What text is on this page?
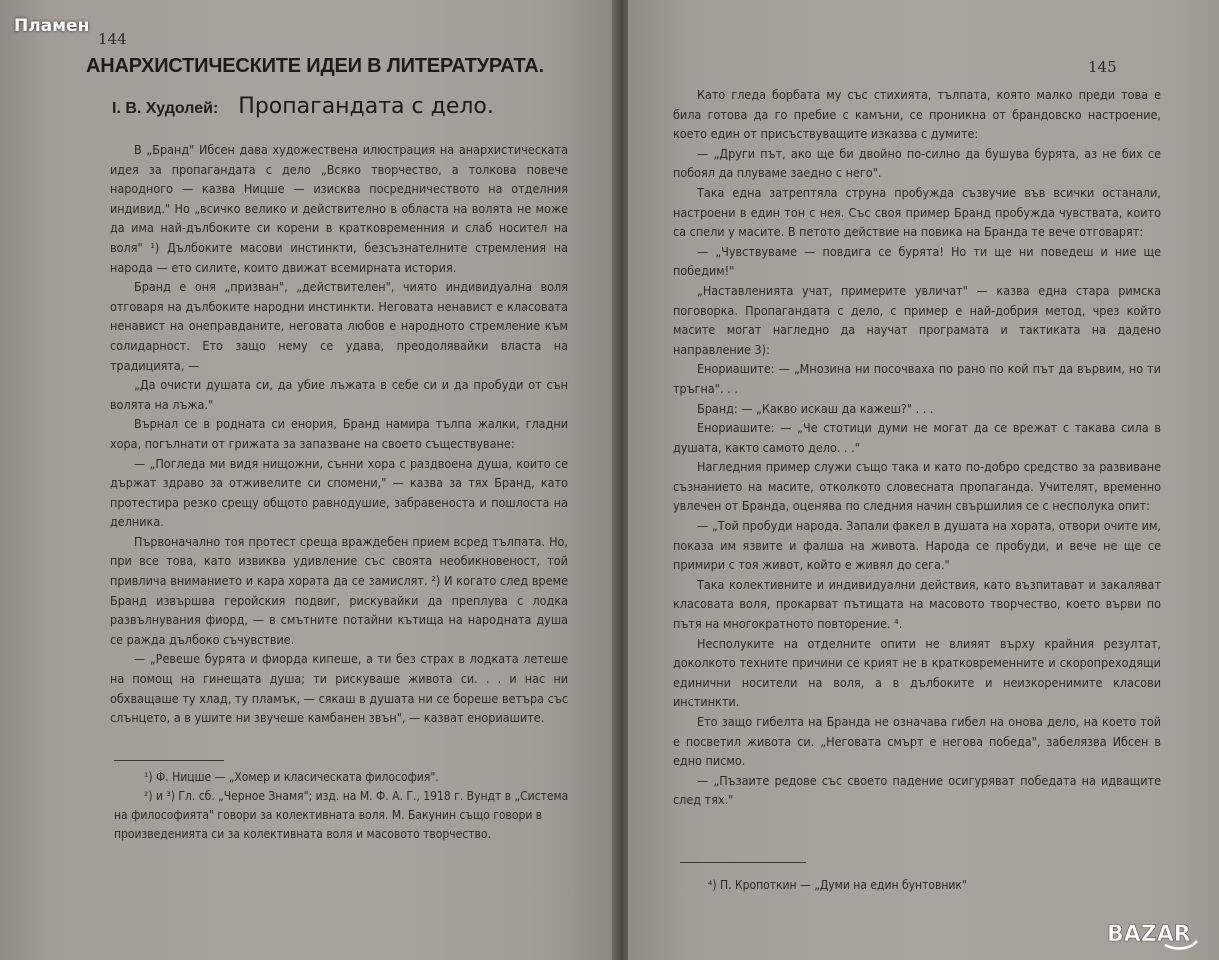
144
АНАРХИСТИЧЕСКИТЕ ИДЕИ В ЛИТЕРАТУРАТА.
І. В. Худолей: Пропагандата с дело.

В „Бранд" Ибсен дава художествена илюстрация на анархистическата идея за пропагандата с дело „Всяко творчество, а толкова повече народного — казва Ницше — изисква посредничеството на отделния индивид." Но „всичко велико и действително в областа на волята не може да има най-дълбоките си корени в кратковременния и слаб носител на воля" ¹) Дълбоките масови инстинкти, безсъзнателните стремления на народа — ето силите, които движат всемирната история.

Бранд е оня „призван", „действителен", чиято индивидуална воля отговаря на дълбоките народни инстинкти. Неговата ненавист е класовата ненавист на онеправданите, неговата любов е народното стремление към солидарност. Ето защо нему се удава, преодолявайки власта на традицията, —

„Да очисти душата си, да убие лъжата в себе си и да пробуди от сън волята на лъжа."

Върнал се в родната си енория, Бранд намира тълпа жалки, гладни хора, погълнати от грижата за запазване на своето съществуване:

— „Погледа ми видя нищожни, сънни хора с раздвоена душа, които се държат здраво за отживелите си спомени," — казва за тях Бранд, като протестира резко срещу общото равнодушие, забравеноста и пошлоста на делника.

Първоначално тоя протест среща враждебен прием всред тълпата. Но, при все това, като извиква удивление със своята необикновеност, той привлича вниманието и кара хората да се замислят. ²) И когато след време Бранд извършва геройския подвиг, рискувайки да преплува с лодка развълнувания фиорд, — в смътните потайни кътища на народната душа се ражда дълбоко съчувствие.

— „Ревеше бурята и фиорда кипеше, а ти без страх в лодката летеше на помощ на гинещата душа; ти рискуваше живота си. . . и нас ни обхващаше ту хлад, ту пламък, — сякаш в душата ни се бореше ветъра със слънцето, а в ушите ни звучеше камбанен звън", — казват енориашите.

¹) Ф. Ницше — „Хомер и класическата философия".

²) и ³) Гл. сб. „Черное Знамя"; изд. на М. Ф. А. Г., 1918 г. Вундт в „Система на философията" говори за колективната воля. М. Бакунин също говори в произведенията си за колективната воля и масовото творчество.

145

Като гледа борбата му със стихията, тълпата, която малко преди това е била готова да го пребие с камъни, се проникна от брандовско настроение, което един от присъствуващите изказва с думите:

— „Други път, ако ще би двойно по-силно да бушува бурята, аз не бих се побоял да плуваме заедно с него".

Така една затрептяла струна пробужда съзвучие във всички останали, настроени в един тон с нея. Със своя пример Бранд пробужда чувствата, които са спели у масите. В петото действие на повика на Бранда те вече отговарят:

— „Чувствуваме — повдига се бурята! Но ти ще ни поведеш и ние ще победим!"

„Наставленията учат, примерите увличат" — казва една стара римска поговорка. Пропагандата с дело, с пример е най-добрия метод, чрез който масите могат нагледно да научат програмата и тактиката на дадено направление 3):

Енориашите: — „Мнозина ни посочваха по рано по кой път да вървим, но ти тръгна". . .

Бранд: — „Какво искаш да кажеш?" . . .

Енориашите: — „Че стотици думи не могат да се врежат с такава сила в душата, както самото дело. . ."

Нагледния пример служи също така и като по-добро средство за развиване съзнанието на масите, отколкото словесната пропаганда. Учителят, временно увлечен от Бранда, оценява по следния начин свършилия се с несполука опит:

— „Той пробуди народа. Запали факел в душата на хората, отвори очите им, показа им язвите и фалша на живота. Народа се пробуди, и вече не ще се примири с тоя живот, който е живял до сега."

Така колективните и индивидуални действия, като възпитават и закаляват класовата воля, прокарват пътищата на масовото творчество, което върви по пътя на многократното повторение. ⁴.

Несполуките на отделните опити не влияят върху крайния резултат, доколкото техните причини се крият не в кратковременните и скоропреходящи единични носители на воля, а в дълбоките и неизкоренимите класови инстинкти.

Ето защо гибелта на Бранда не означава гибел на онова дело, на което той е посветил живота си. „Неговата смърт е негова победа", забелязва Ибсен в едно писмо.

— „Пъзаите редове със своето падение осигуряват победата на идващите след тях."

⁴) П. Кропоткин — „Думи на един бунтовник"

Пламен
BAZAR
